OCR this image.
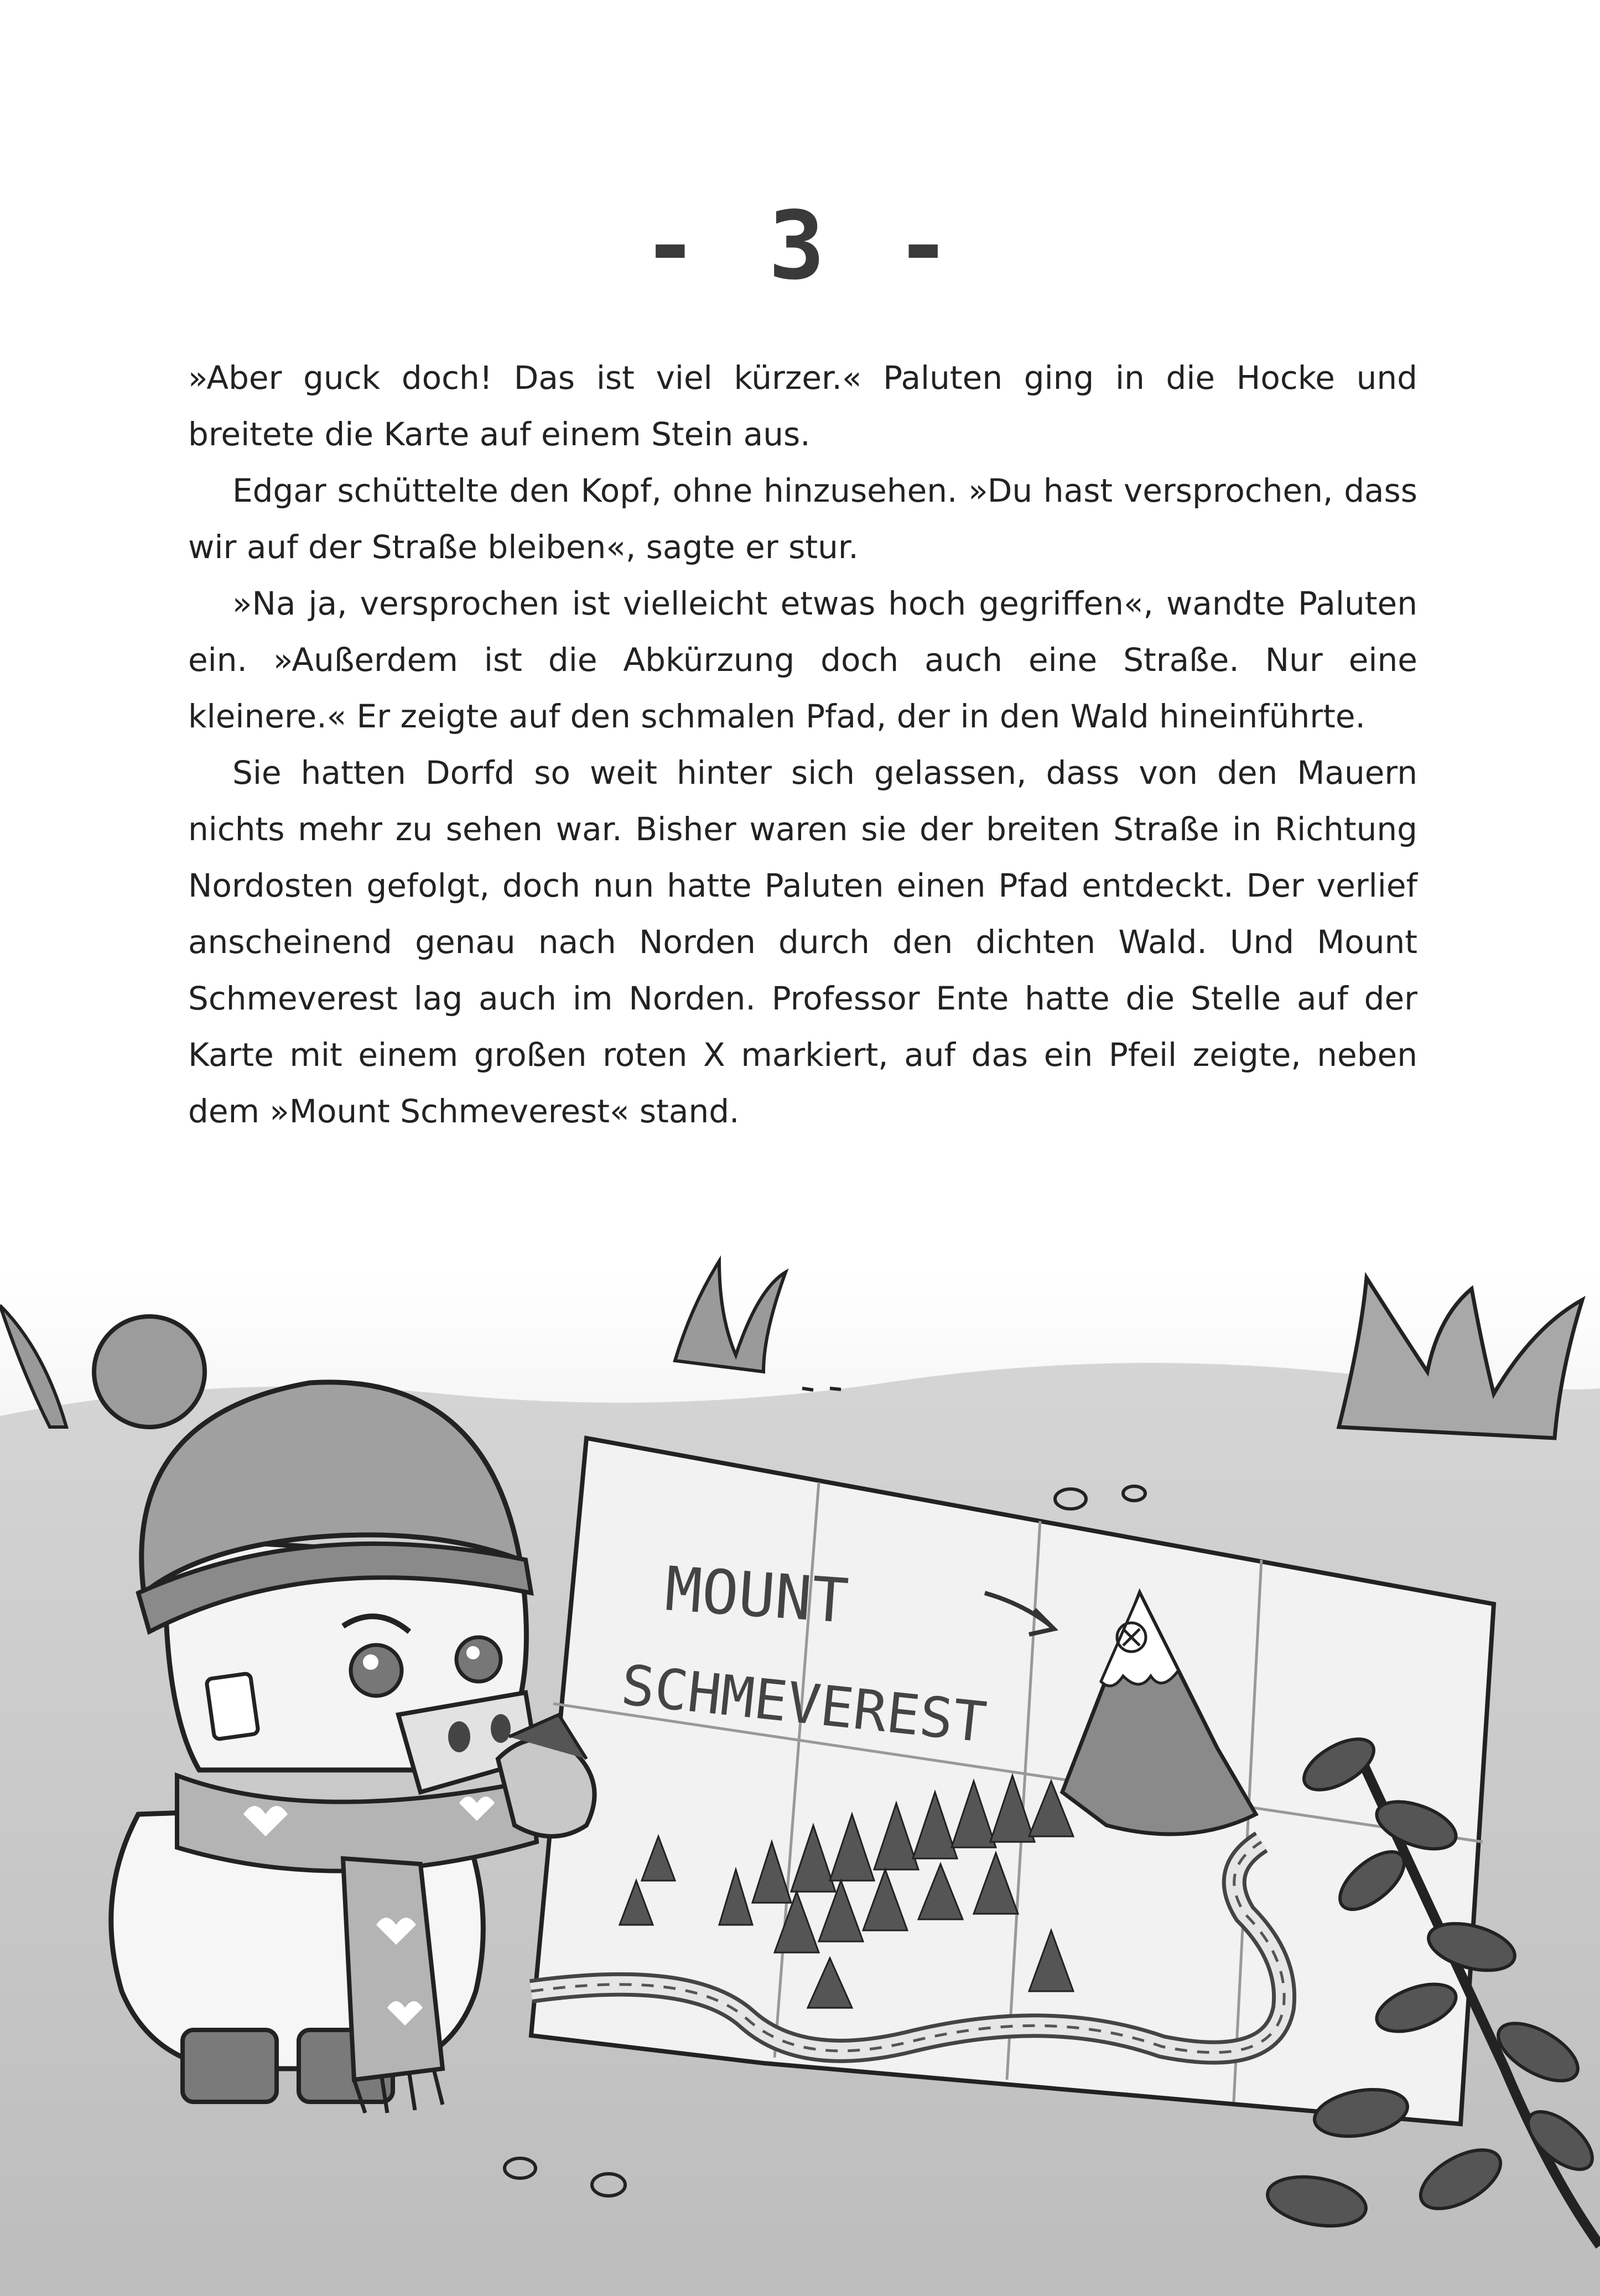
- 3 -

»Aber guck doch! Das ist viel kürzer.« Paluten ging in die Hocke und breitete die Karte auf einem Stein aus.

Edgar schüttelte den Kopf, ohne hinzusehen. »Du hast versprochen, dass wir auf der Straße bleiben«, sagte er stur.

»Na ja, versprochen ist vielleicht etwas hoch gegriffen«, wandte Paluten ein. »Außerdem ist die Abkürzung doch auch eine Straße. Nur eine kleinere.« Er zeigte auf den schmalen Pfad, der in den Wald hineinführte.

Sie hatten Dorfd so weit hinter sich gelassen, dass von den Mauern nichts mehr zu sehen war. Bisher waren sie der breiten Straße in Richtung Nordosten gefolgt, doch nun hatte Paluten einen Pfad entdeckt. Der verlief anscheinend genau nach Norden durch den dichten Wald. Und Mount Schmeverest lag auch im Norden. Professor Ente hatte die Stelle auf der Karte mit einem großen roten X markiert, auf das ein Pfeil zeigte, neben dem »Mount Schmeverest« stand.

MOUNT
SCHMEVEREST
